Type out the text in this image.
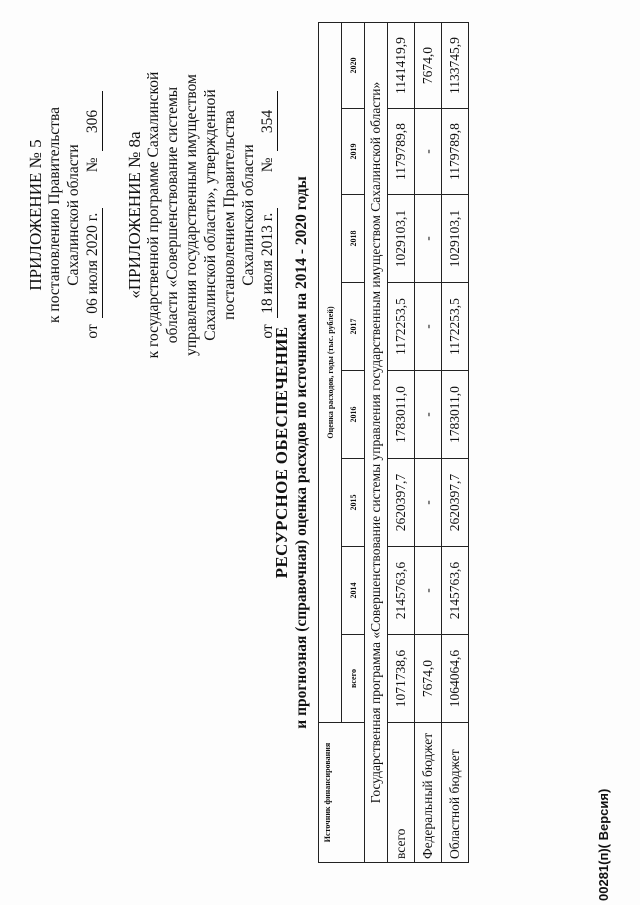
ПРИЛОЖЕНИЕ № 5 к постановлению Правительства Сахалинской области
от
06 июля 2020 г.
№
306
«ПРИЛОЖЕНИЕ № 8а к государственной программе Сахалинской области «Совершенствование системы управления государственным имуществом Сахалинской области», утвержденной постановлением Правительства Сахалинской области
от
18 июля 2013 г.
№
354
РЕСУРСНОЕ ОБЕСПЕЧЕНИЕ и прогнозная (справочная) оценка расходов по источникам на 2014 - 2020 годы
Источник финансирования	Оценка расходов, годы (тыс. рублей)							
	всего	2014	2015	2016	2017	2018	2019	2020
Государственная программа «Совершенствование системы управления государственным имуществом Сахалинской области»								
всего	1071738,6	2145763,6	2620397,7	1783011,0	1172253,5	1029103,1	1179789,8	1141419,9
Федеральный бюджет	7674,0	-	-	-	-	-	-	7674,0
Областной бюджет	1064064,6	2145763,6	2620397,7	1783011,0	1172253,5	1029103,1	1179789,8	1133745,9
00281(п)( Версия)
